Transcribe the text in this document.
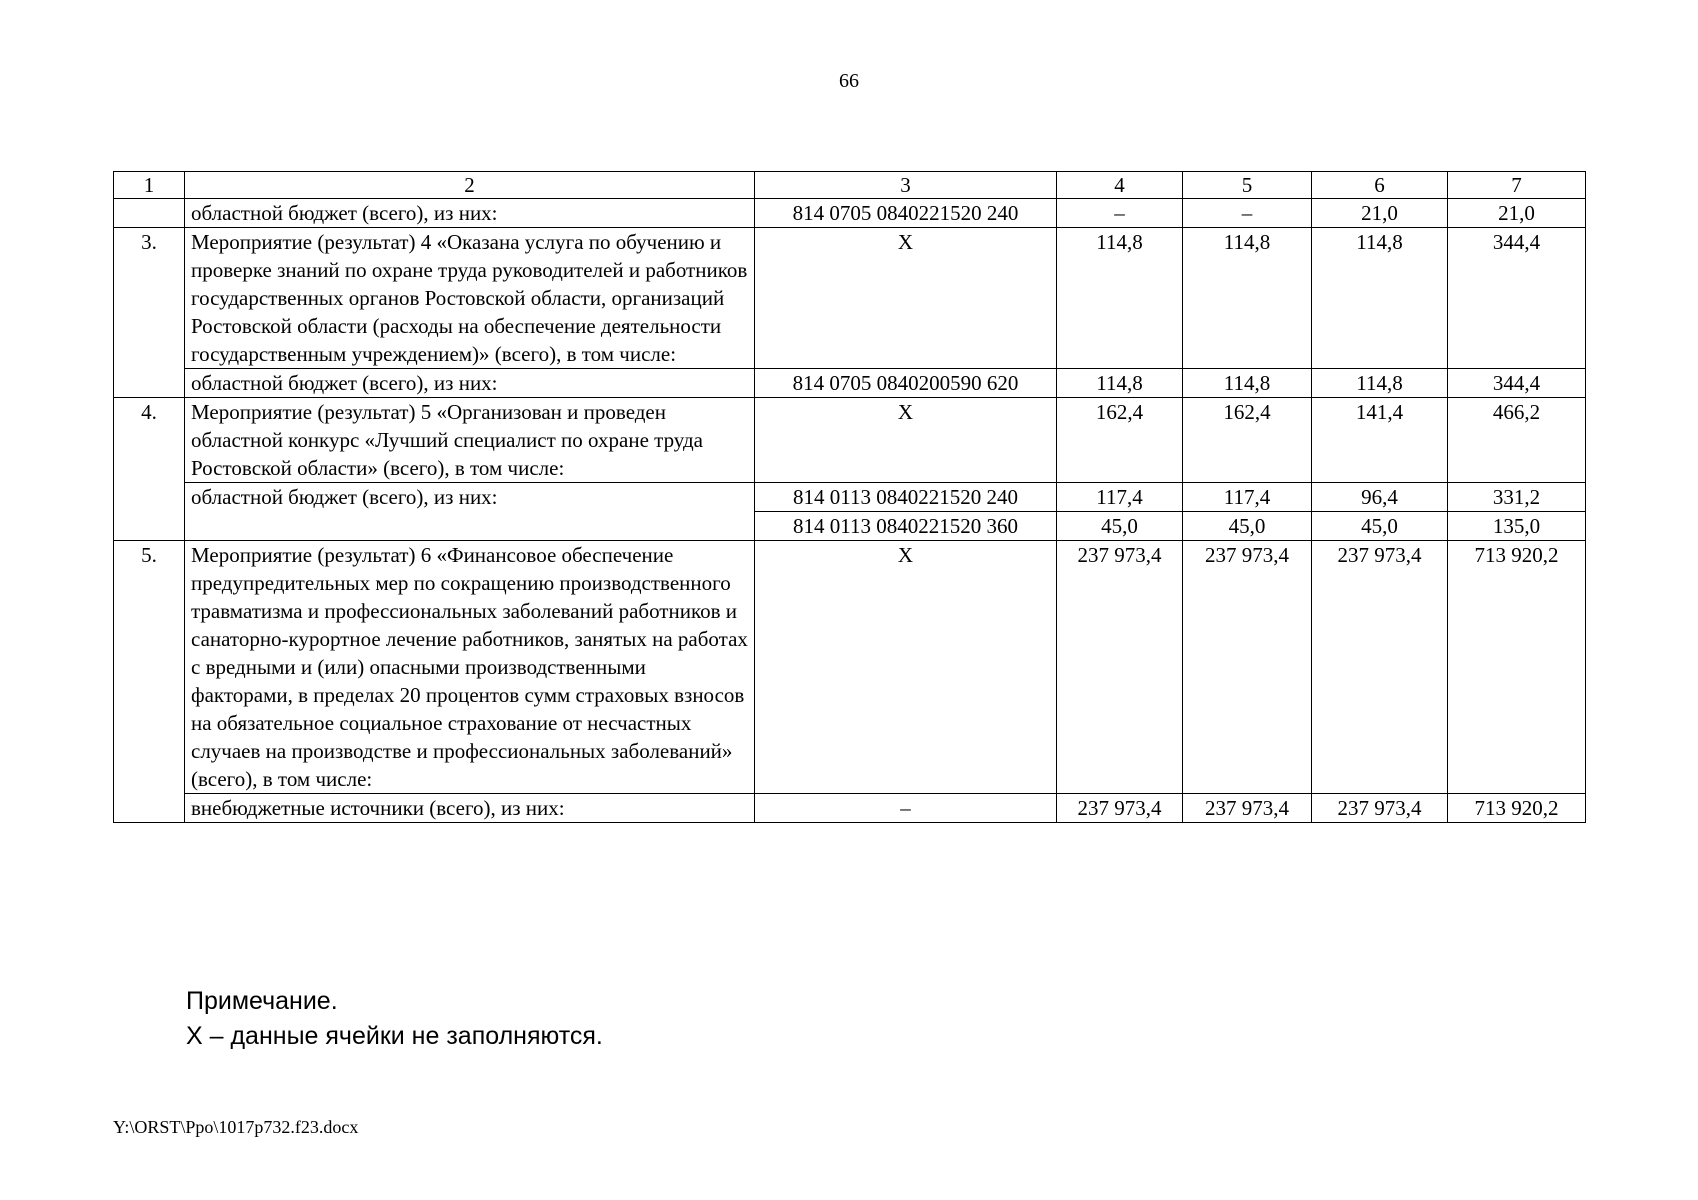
66
1	2	3	4	5	6	7
	областной бюджет (всего), из них:	814 0705 0840221520 240	–	–	21,0	21,0
3.	Мероприятие (результат) 4 «Оказана услуга по обучению и проверке знаний по охране труда руководителей и работников государственных органов Ростовской области, организаций Ростовской области (расходы на обеспечение деятельности государственным учреждением)» (всего), в том числе:	Х	114,8	114,8	114,8	344,4
	областной бюджет (всего), из них:	814 0705 0840200590 620	114,8	114,8	114,8	344,4
4.	Мероприятие (результат) 5 «Организован и проведен областной конкурс «Лучший специалист по охране труда Ростовской области» (всего), в том числе:	Х	162,4	162,4	141,4	466,2
	областной бюджет (всего), из них:	814 0113 0840221520 240	117,4	117,4	96,4	331,2
		814 0113 0840221520 360	45,0	45,0	45,0	135,0
5.	Мероприятие (результат) 6 «Финансовое обеспечение предупредительных мер по сокращению производственного травматизма и профессиональных заболеваний работников и санаторно-курортное лечение работников, занятых на работах с вредными и (или) опасными производственными факторами, в пределах 20 процентов сумм страховых взносов на обязательное социальное страхование от несчастных случаев на производстве и профессиональных заболеваний» (всего), в том числе:	Х	237 973,4	237 973,4	237 973,4	713 920,2
	внебюджетные источники (всего), из них:	–	237 973,4	237 973,4	237 973,4	713 920,2
Примечание.
Х – данные ячейки не заполняются.
Y:\ORST\Ppo\1017p732.f23.docx
